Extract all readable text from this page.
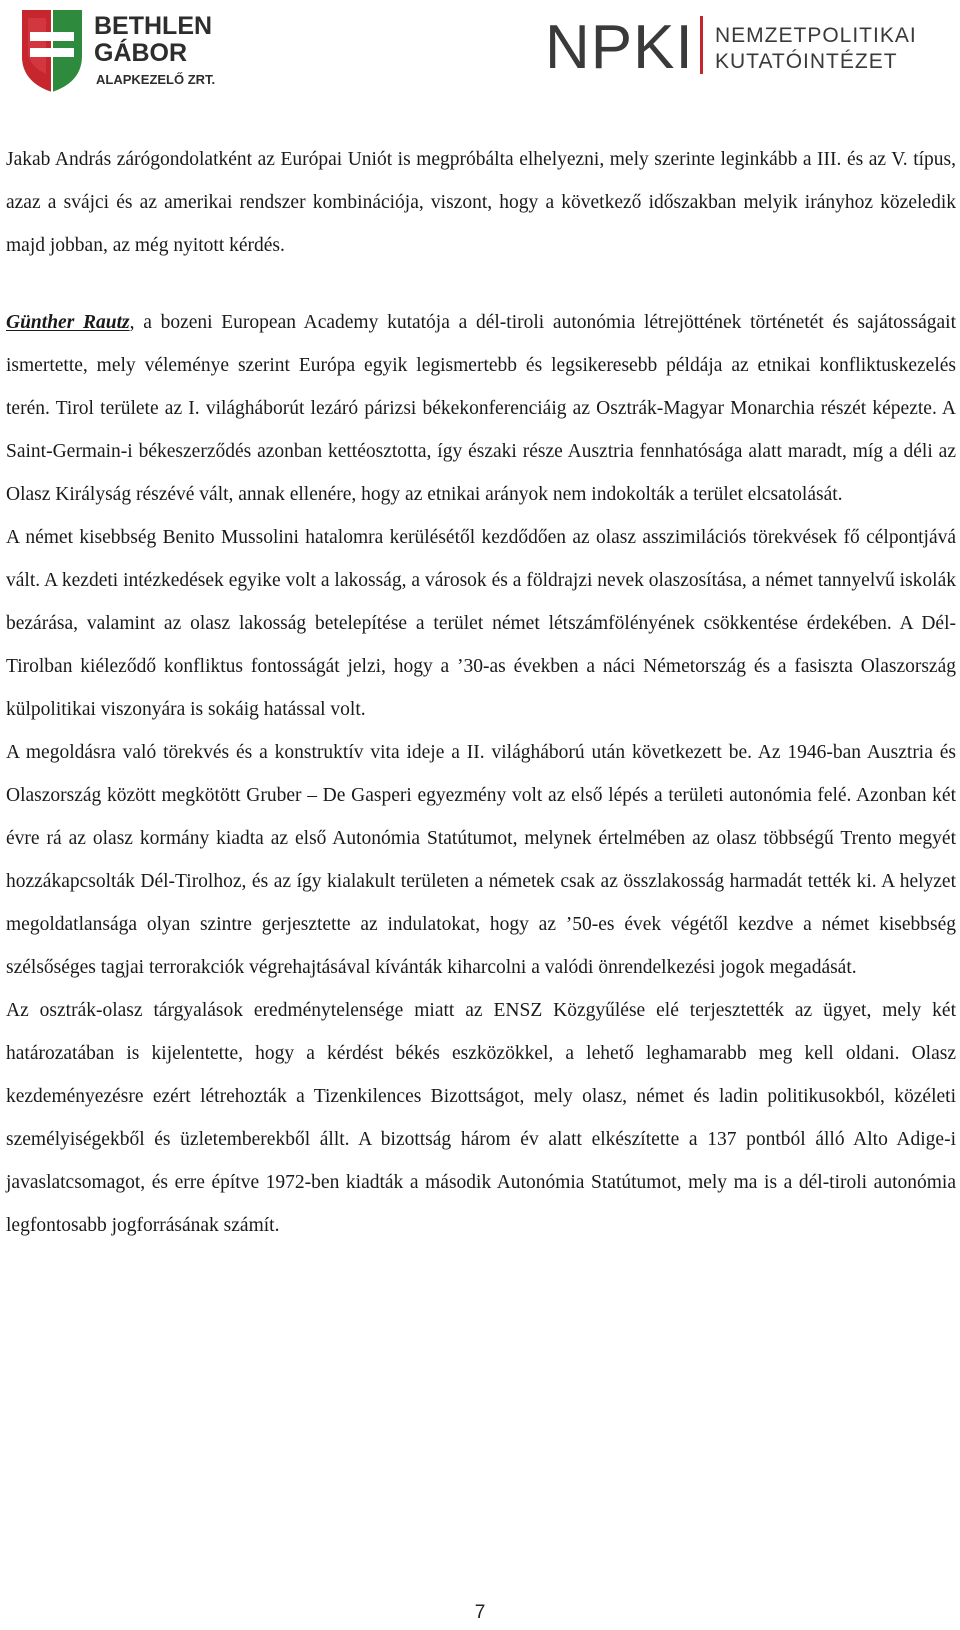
BETHLEN
GÁBOR
ALAPKEZELŐ ZRT.	NPKI NEMZETPOLITIKAI
KUTATÓINTÉZET

Jakab András zárógondolatként az Európai Uniót is megpróbálta elhelyezni, mely szerinte leginkább a III. és az V. típus, azaz a svájci és az amerikai rendszer kombinációja, viszont, hogy a következő időszakban melyik irányhoz közeledik majd jobban, az még nyitott kérdés.

Günther Rautz, a bozeni European Academy kutatója a dél-tiroli autonómia létrejöttének történetét és sajátosságait ismertette, mely véleménye szerint Európa egyik legismertebb és legsikeresebb példája az etnikai konfliktuskezelés terén. Tirol területe az I. világháborút lezáró párizsi békekonferenciáig az Osztrák-Magyar Monarchia részét képezte. A Saint-Germain-i békeszerződés azonban kettéosztotta, így északi része Ausztria fennhatósága alatt maradt, míg a déli az Olasz Királyság részévé vált, annak ellenére, hogy az etnikai arányok nem indokolták a terület elcsatolását.

A német kisebbség Benito Mussolini hatalomra kerülésétől kezdődően az olasz asszimilációs törekvések fő célpontjává vált. A kezdeti intézkedések egyike volt a lakosság, a városok és a földrajzi nevek olaszosítása, a német tannyelvű iskolák bezárása, valamint az olasz lakosság betelepítése a terület német létszámfölényének csökkentése érdekében. A Dél-Tirolban kiéleződő konfliktus fontosságát jelzi, hogy a ’30-as években a náci Németország és a fasiszta Olaszország külpolitikai viszonyára is sokáig hatással volt.

A megoldásra való törekvés és a konstruktív vita ideje a II. világháború után következett be. Az 1946-ban Ausztria és Olaszország között megkötött Gruber – De Gasperi egyezmény volt az első lépés a területi autonómia felé. Azonban két évre rá az olasz kormány kiadta az első Autonómia Statútumot, melynek értelmében az olasz többségű Trento megyét hozzákapcsolták Dél-Tirolhoz, és az így kialakult területen a németek csak az összlakosság harmadát tették ki. A helyzet megoldatlansága olyan szintre gerjesztette az indulatokat, hogy az ’50-es évek végétől kezdve a német kisebbség szélsőséges tagjai terrorakciók végrehajtásával kívánták kiharcolni a valódi önrendelkezési jogok megadását.

Az osztrák-olasz tárgyalások eredménytelensége miatt az ENSZ Közgyűlése elé terjesztették az ügyet, mely két határozatában is kijelentette, hogy a kérdést békés eszközökkel, a lehető leghamarabb meg kell oldani. Olasz kezdeményezésre ezért létrehozták a Tizenkilences Bizottságot, mely olasz, német és ladin politikusokból, közéleti személyiségekből és üzletemberekből állt. A bizottság három év alatt elkészítette a 137 pontból álló Alto Adige-i javaslatcsomagot, és erre építve 1972-ben kiadták a második Autonómia Statútumot, mely ma is a dél-tiroli autonómia legfontosabb jogforrásának számít.

7
